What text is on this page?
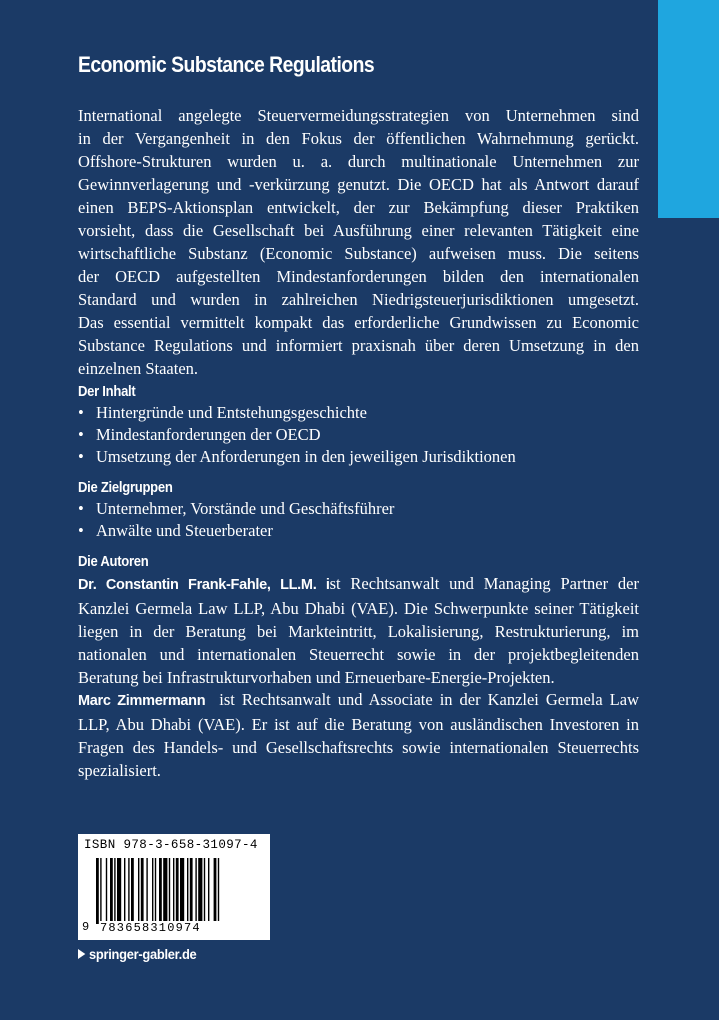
Economic Substance Regulations

International angelegte Steuervermeidungsstrategien von Unternehmen sind
in der Vergangenheit in den Fokus der öffentlichen Wahrnehmung gerückt.
Offshore-Strukturen wurden u. a. durch multinationale Unternehmen zur
Gewinnverlagerung und -verkürzung genutzt. Die OECD hat als Antwort darauf
einen BEPS-Aktionsplan entwickelt, der zur Bekämpfung dieser Praktiken
vorsieht, dass die Gesellschaft bei Ausführung einer relevanten Tätigkeit eine
wirtschaftliche Substanz (Economic Substance) aufweisen muss. Die seitens
der OECD aufgestellten Mindestanforderungen bilden den internationalen
Standard und wurden in zahlreichen Niedrigsteuerjurisdiktionen umgesetzt.
Das essential vermittelt kompakt das erforderliche Grundwissen zu Economic
Substance Regulations und informiert praxisnah über deren Umsetzung in den
einzelnen Staaten.

Der Inhalt
• Hintergründe und Entstehungsgeschichte
• Mindestanforderungen der OECD
• Umsetzung der Anforderungen in den jeweiligen Jurisdiktionen
Die Zielgruppen
• Unternehmer, Vorstände und Geschäftsführer
• Anwälte und Steuerberater
Die Autoren

Dr. Constantin Frank-Fahle, LL.M. ist Rechtsanwalt und Managing Partner der
Kanzlei Germela Law LLP, Abu Dhabi (VAE). Die Schwerpunkte seiner Tätigkeit
liegen in der Beratung bei Markteintritt, Lokalisierung, Restrukturierung, im
nationalen und internationalen Steuerrecht sowie in der projektbegleitenden
Beratung bei Infrastrukturvorhaben und Erneuerbare-Energie-Projekten.

Marc Zimmermann ist Rechtsanwalt und Associate in der Kanzlei Germela Law
LLP, Abu Dhabi (VAE). Er ist auf die Beratung von ausländischen Investoren in
Fragen des Handels- und Gesellschaftsrechts sowie internationalen Steuerrechts
spezialisiert.

ISBN 978-3-658-31097-4
9 783658310974
springer-gabler.de
